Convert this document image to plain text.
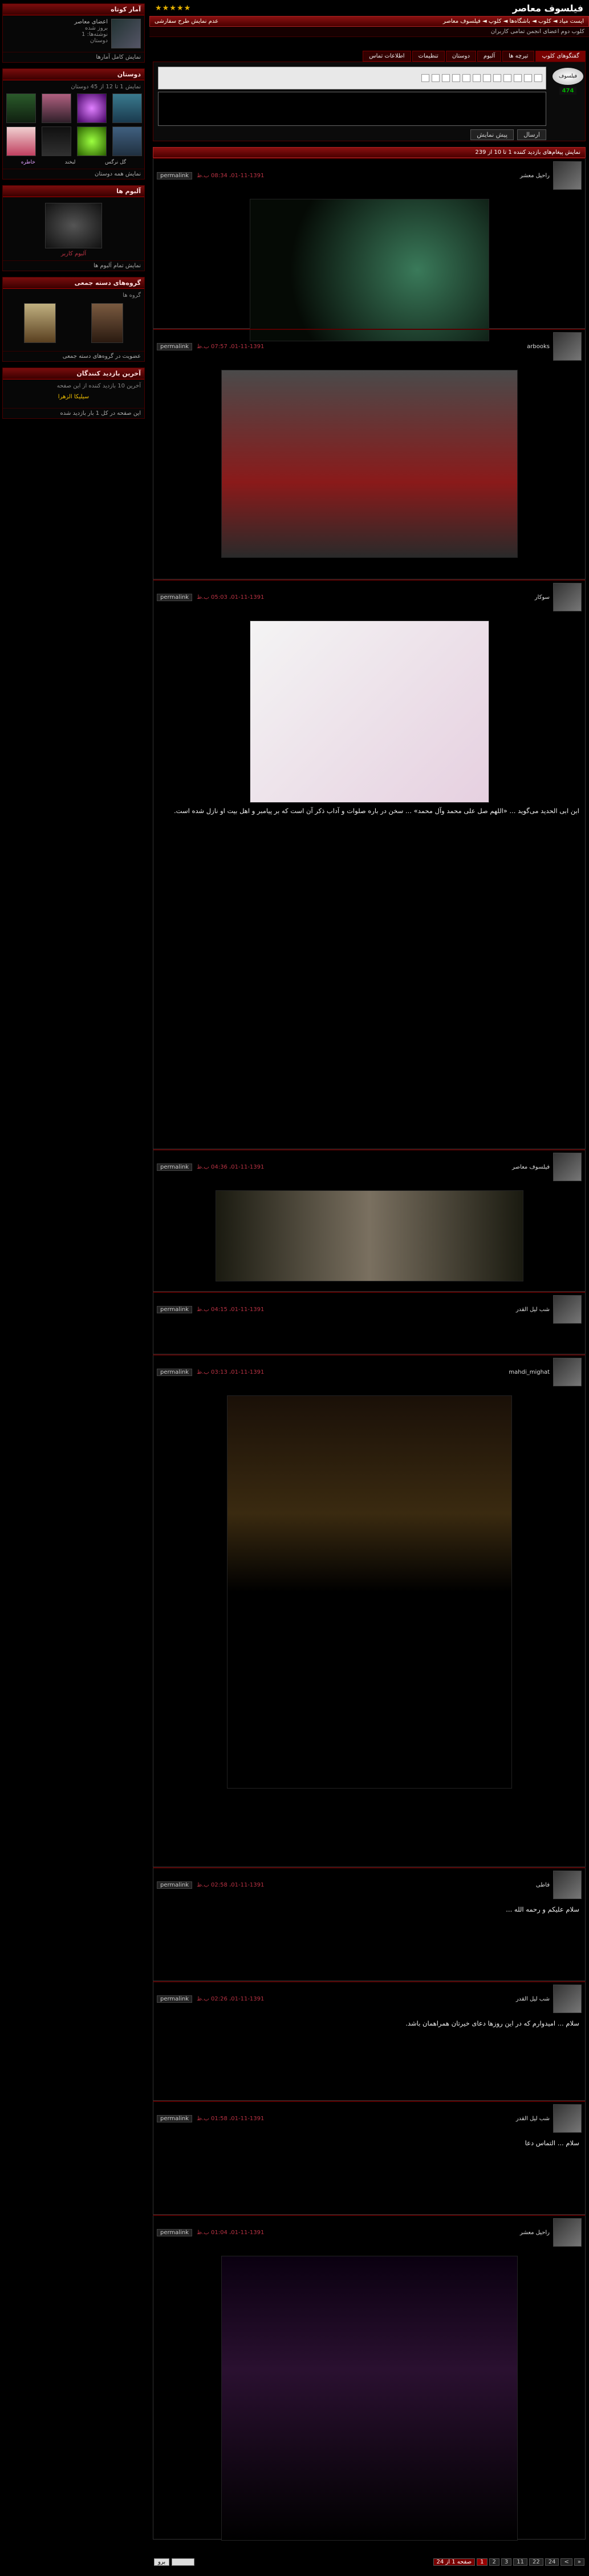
آمار کوتاه
اعضای معاصر
بروز شده
نوشته‌ها: 1
دوستان
نمایش کامل آمارها
دوستان
نمایش 1 تا 12 از 45 دوستان
گل نرگس
لبخند
خاطره
نمایش همه دوستان
آلبوم ها
آلبوم کاربر
نمایش تمام آلبوم ها
گروه‌های دسته جمعی
گروه ها
عضویت در گروه‌های دسته جمعی
آخرین بازدید کنندگان
آخرین 10 بازدید کننده از این صفحه
سیلیکا الزهرا
این صفحه در کل 1 بار بازدید شده
فیلسوف معاصر
★★★★★
ایست میاد ◄ کلوب ◄ باشگاه‌ها ◄ کلوپ ◄ فیلسوف معاصر
عدم نمایش طرح سفارشی
کلوب دوم اعضای انجمن تمامی کاربران
گفتگوهای کلوپ
تیرچه ها
آلبوم
دوستان
تنظیمات
اطلاعات تماس
فیلسوف
474
ارسال
پیش نمایش
نمایش پیغام‌های بازدید کننده 1 تا 10 از 239
راحیل معشر
01-11-1391، 08:34 ب.ظ
permalink
arbooks
01-11-1391، 07:57 ب.ظ
permalink
سوکار
01-11-1391، 05:03 ب.ظ
permalink
ابن ابی الحدید می‌گوید ... «اللهم صل علی محمد وآل محمد» ... سخن در باره صلوات و آداب ذکر آن است که بر پیامبر و اهل بیت او نازل شده است.
فیلسوف معاصر
01-11-1391، 04:36 ب.ظ
permalink
شب لیل القدر
01-11-1391، 04:15 ب.ظ
permalink
mahdi_mighat
01-11-1391، 03:13 ب.ظ
permalink
فاطی
01-11-1391، 02:58 ب.ظ
permalink
سلام علیکم و رحمه الله ...
شب لیل القدر
01-11-1391، 02:26 ب.ظ
permalink
سلام ... امیدوارم که در این روزها دعای خیرتان همراهمان باشد.
شب لیل القدر
01-11-1391، 01:58 ب.ظ
permalink
سلام ... التماس دعا
راحیل معشر
01-11-1391، 01:04 ب.ظ
permalink
صفحه 1 از 24	1	2	3	11	22	24	<	»
برو
